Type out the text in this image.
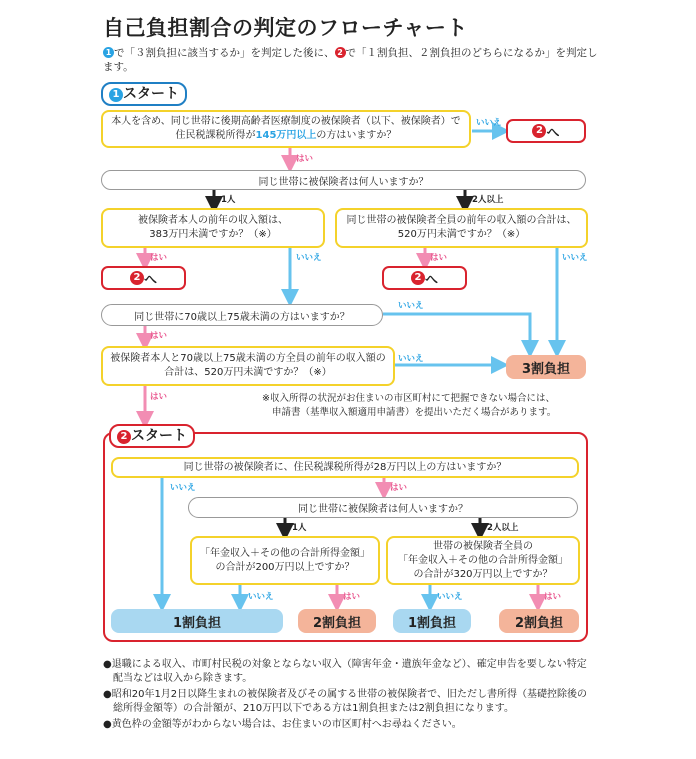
自己負担割合の判定のフローチャート
1 で「３割負担に該当するか」を判定した後に、 2 で「１割負担、２割負担のどちらになるか」を判定します。
1 スタート
本人を含め、同じ世帯に後期高齢者医療制度の被保険者（以下、被保険者）で
住民税課税所得が145万円以上の方はいますか？
いいえ
2 へ
はい
同じ世帯に被保険者は何人いますか？
1人	2人以上
被保険者本人の前年の収入額は、
383万円未満ですか？（※）
同じ世帯の被保険者全員の前年の収入額の合計は、
520万円未満ですか？（※）
はい	いいえ	はい	いいえ
2 へ	2 へ
同じ世帯に70歳以上75歳未満の方はいますか？
いいえ
はい
被保険者本人と70歳以上75歳未満の方全員の前年の収入額の
合計は、520万円未満ですか？（※）
いいえ
3割負担
はい	※収入所得の状況がお住まいの市区町村にて把握できない場合には、
申請書（基準収入額適用申請書）を提出いただく場合があります。
2 スタート
同じ世帯の被保険者に、住民税課税所得が28万円以上の方はいますか？
いいえ	はい
同じ世帯に被保険者は何人いますか？
1人	2人以上
「年金収入＋その他の合計所得金額」
の合計が200万円以上ですか？
世帯の被保険者全員の
「年金収入＋その他の合計所得金額」
の合計が320万円以上ですか？
いいえ	はい	いいえ	はい
1割負担	2割負担	1割負担	2割負担

●退職による収入、市町村民税の対象とならない収入（障害年金・遺族年金など）、確定申告を要しない特定配当などは収入から除きます。

●昭和20年1月2日以降生まれの被保険者及びその属する世帯の被保険者で、旧ただし書所得（基礎控除後の総所得金額等）の合計額が、210万円以下である方は1割負担または2割負担になります。

●黄色枠の金額等がわからない場合は、お住まいの市区町村へお尋ねください。
